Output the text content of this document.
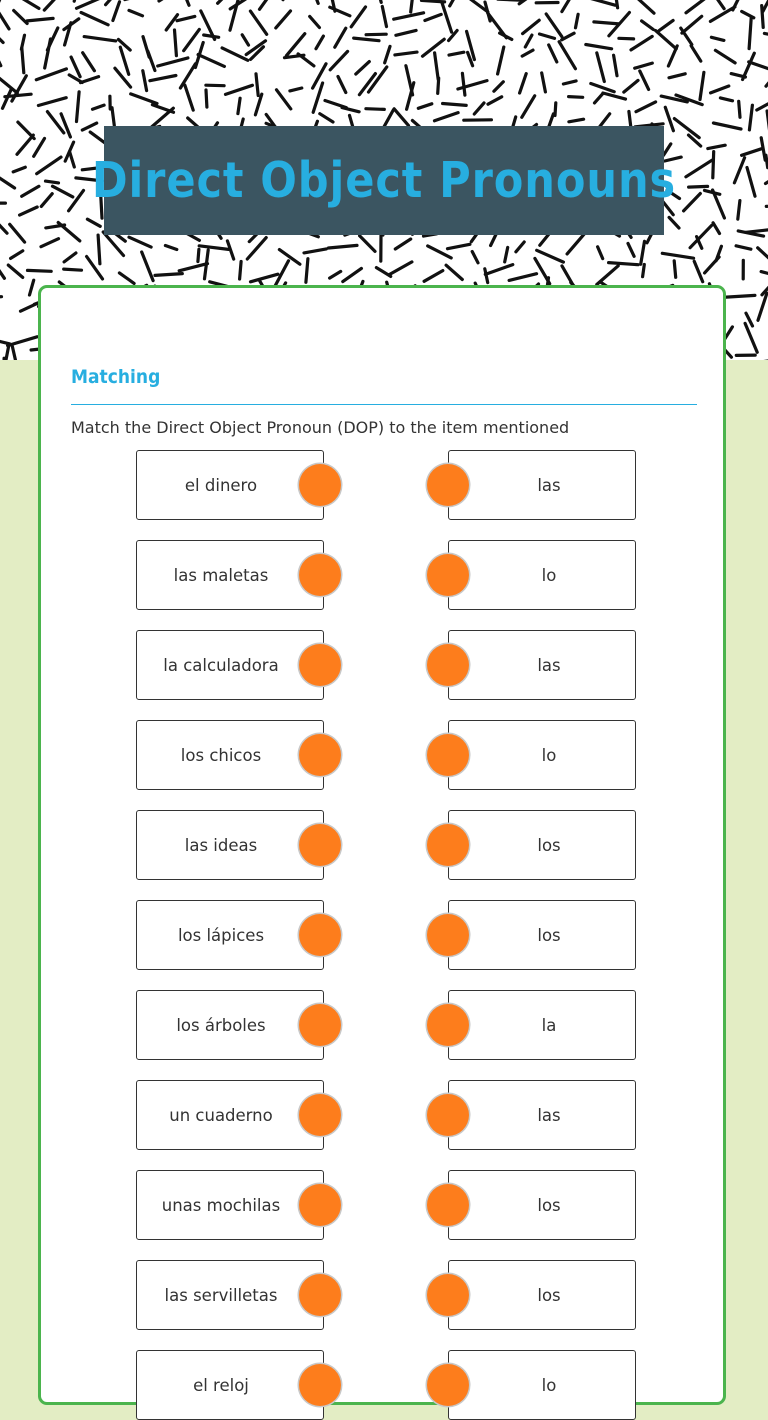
Direct Object Pronouns
Matching
Match the Direct Object Pronoun (DOP) to the item mentioned
el dinero	las
las maletas	lo
la calculadora	las
los chicos	lo
las ideas	los
los lápices	los
los árboles	la
un cuaderno	las
unas mochilas	los
las servilletas	los
el reloj	lo
